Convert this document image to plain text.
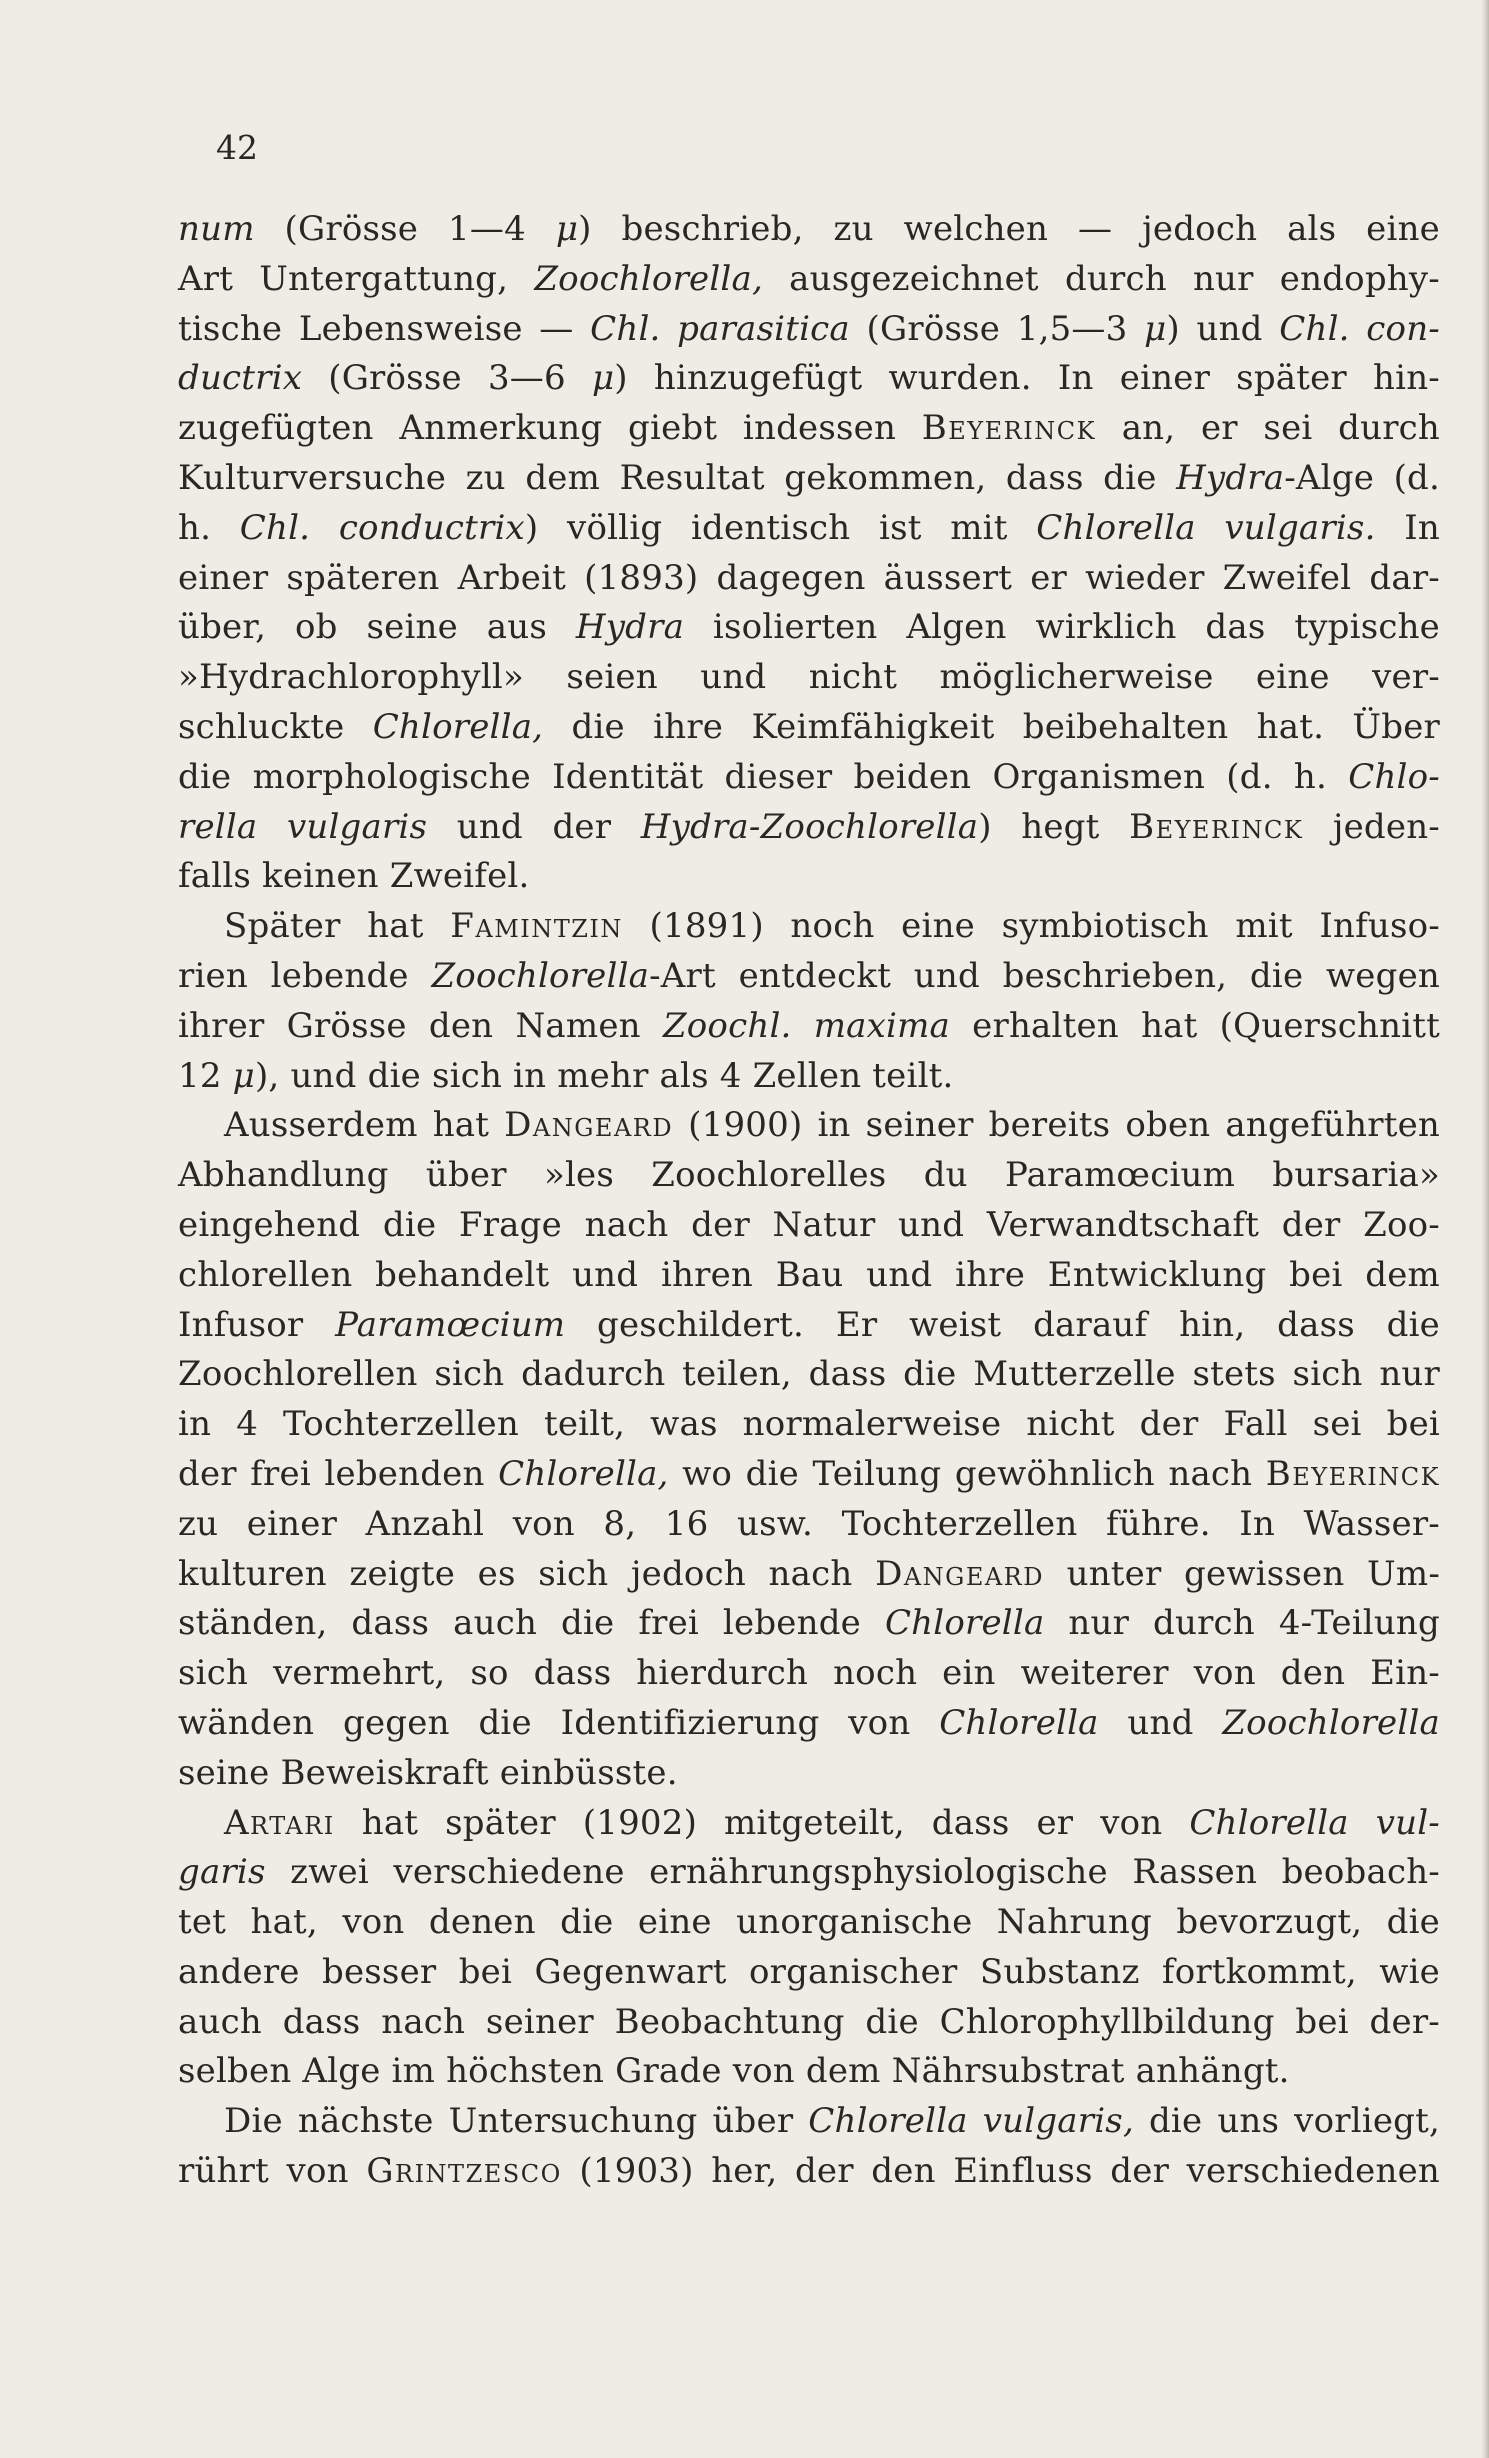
42
num (Grösse 1—4 μ) beschrieb, zu welchen — jedoch als eine
Art Untergattung, Zoochlorella, ausgezeichnet durch nur endophy-
tische Lebensweise — Chl. parasitica (Grösse 1,5—3 μ) und Chl. con-
ductrix (Grösse 3—6 μ) hinzugefügt wurden. In einer später hin-
zugefügten Anmerkung giebt indessen Beyerinck an, er sei durch
Kulturversuche zu dem Resultat gekommen, dass die Hydra-Alge (d.
h. Chl. conductrix) völlig identisch ist mit Chlorella vulgaris. In
einer späteren Arbeit (1893) dagegen äussert er wieder Zweifel dar-
über, ob seine aus Hydra isolierten Algen wirklich das typische
»Hydrachlorophyll» seien und nicht möglicherweise eine ver-
schluckte Chlorella, die ihre Keimfähigkeit beibehalten hat. Über
die morphologische Identität dieser beiden Organismen (d. h. Chlo-
rella vulgaris und der Hydra-Zoochlorella) hegt Beyerinck jeden-
falls keinen Zweifel.
Später hat Famintzin (1891) noch eine symbiotisch mit Infuso-
rien lebende Zoochlorella-Art entdeckt und beschrieben, die wegen
ihrer Grösse den Namen Zoochl. maxima erhalten hat (Querschnitt
12 μ), und die sich in mehr als 4 Zellen teilt.
Ausserdem hat Dangeard (1900) in seiner bereits oben angeführten
Abhandlung über »les Zoochlorelles du Paramœcium bursaria»
eingehend die Frage nach der Natur und Verwandtschaft der Zoo-
chlorellen behandelt und ihren Bau und ihre Entwicklung bei dem
Infusor Paramœcium geschildert. Er weist darauf hin, dass die
Zoochlorellen sich dadurch teilen, dass die Mutterzelle stets sich nur
in 4 Tochterzellen teilt, was normalerweise nicht der Fall sei bei
der frei lebenden Chlorella, wo die Teilung gewöhnlich nach Beyerinck
zu einer Anzahl von 8, 16 usw. Tochterzellen führe. In Wasser-
kulturen zeigte es sich jedoch nach Dangeard unter gewissen Um-
ständen, dass auch die frei lebende Chlorella nur durch 4-Teilung
sich vermehrt, so dass hierdurch noch ein weiterer von den Ein-
wänden gegen die Identifizierung von Chlorella und Zoochlorella
seine Beweiskraft einbüsste.
Artari hat später (1902) mitgeteilt, dass er von Chlorella vul-
garis zwei verschiedene ernährungsphysiologische Rassen beobach-
tet hat, von denen die eine unorganische Nahrung bevorzugt, die
andere besser bei Gegenwart organischer Substanz fortkommt, wie
auch dass nach seiner Beobachtung die Chlorophyllbildung bei der-
selben Alge im höchsten Grade von dem Nährsubstrat anhängt.
Die nächste Untersuchung über Chlorella vulgaris, die uns vorliegt,
rührt von Grintzesco (1903) her, der den Einfluss der verschiedenen
